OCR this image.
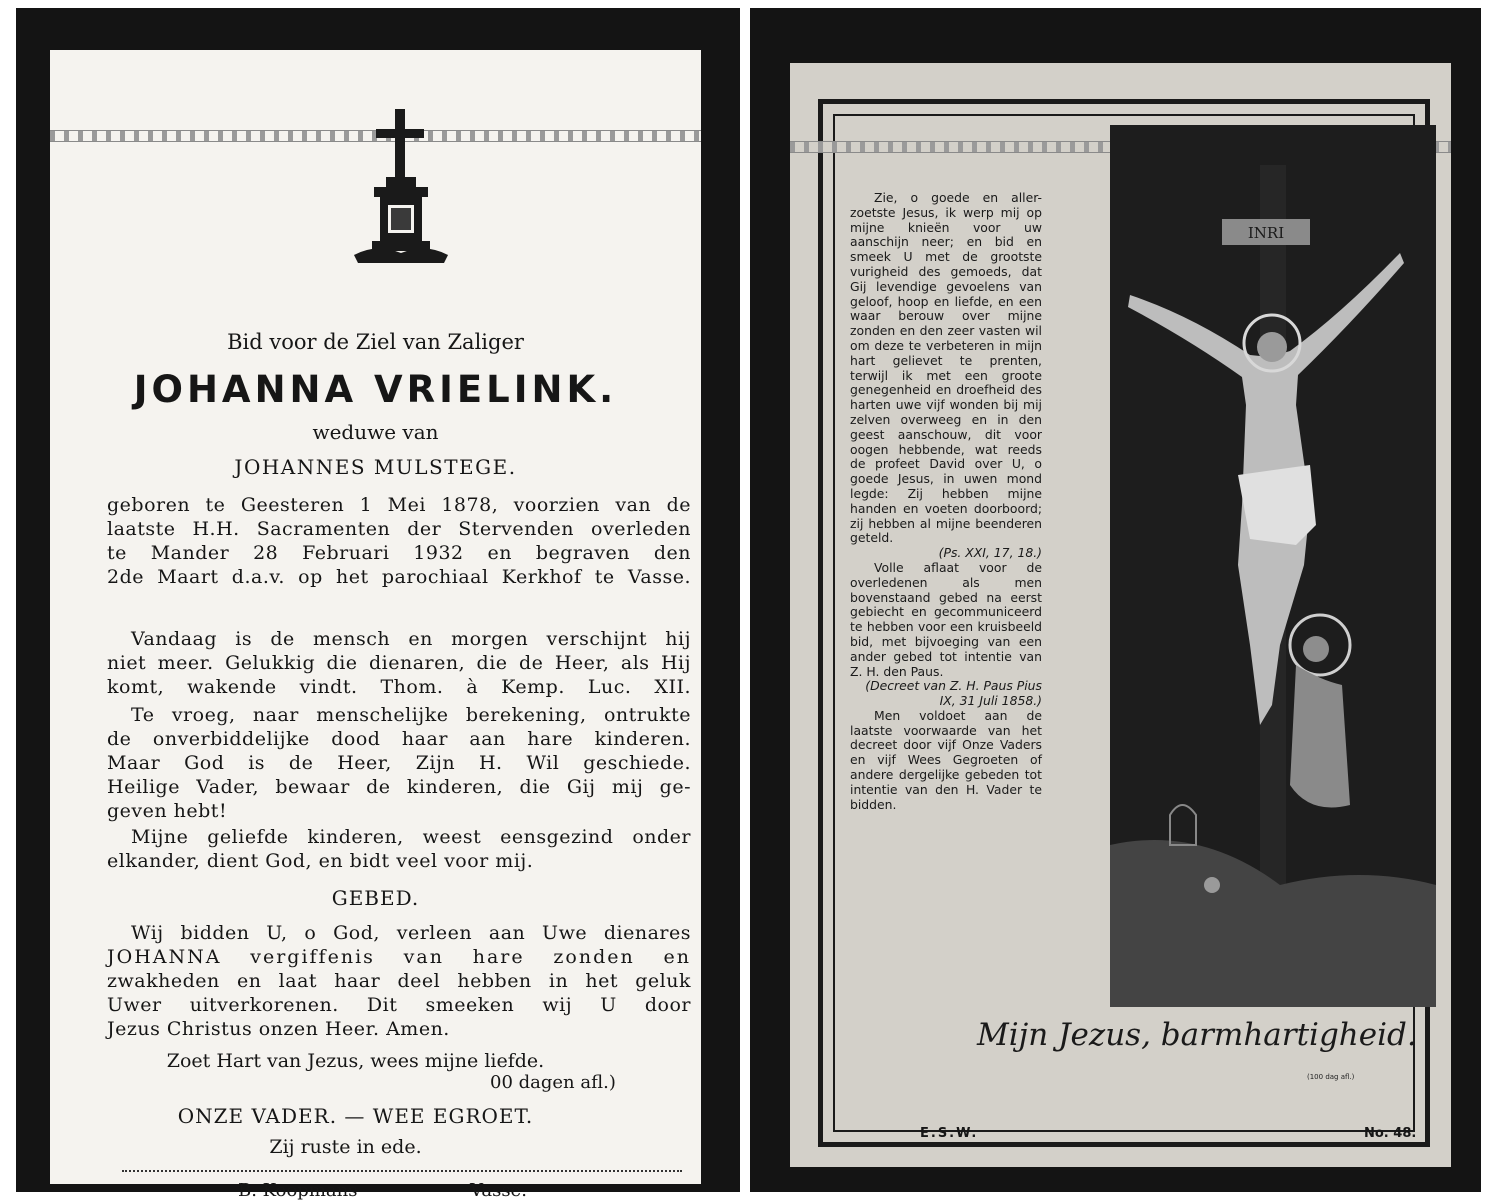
Bid voor de Ziel van Zaliger
JOHANNA VRIELINK.
weduwe van
JOHANNES MULSTEGE.
geboren te Geesteren 1 Mei 1878, voorzien van de
laatste H.H. Sacramenten der Stervenden overleden
te Mander 28 Februari 1932 en begraven den
2de Maart d.a.v. op het parochiaal Kerkhof te Vasse.
Vandaag is de mensch en morgen verschijnt hij
niet meer. Gelukkig die dienaren, die de Heer, als Hij
komt, wakende vindt. Thom. à Kemp. Luc. XII.
Te vroeg, naar menschelijke berekening, ontrukte
de onverbiddelijke dood haar aan hare kinderen.
Maar God is de Heer, Zijn H. Wil geschiede.
Heilige Vader, bewaar de kinderen, die Gij mij ge-
geven hebt!
Mijne geliefde kinderen, weest eensgezind onder
elkander, dient God, en bidt veel voor mij.
GEBED.
Wij bidden U, o God, verleen aan Uwe dienares
JOHANNA vergiffenis van hare zonden en
zwakheden en laat haar deel hebben in het geluk
Uwer uitverkorenen. Dit smeeken wij U door
Jezus Christus onzen Heer. Amen.
Zoet Hart van Jezus, wees mijne liefde.
00 dagen afl.)
ONZE VADER. — WEE EGROET.
Zij ruste in ede.
B. Koopmans	Vasse.

Zie, o goede en aller-zoetste Jesus, ik werp mij op mijne knieën voor uw aanschijn neer; en bid en smeek U met de grootste vurigheid des gemoeds, dat Gij levendige gevoelens van geloof, hoop en liefde, en een waar berouw over mijne zonden en den zeer vasten wil om deze te verbeteren in mijn hart gelievet te prenten, terwijl ik met een groote genegenheid en droefheid des harten uwe vijf wonden bij mij zelven overweeg en in den geest aanschouw, dit voor oogen hebbende, wat reeds de profeet David over U, o goede Jesus, in uwen mond legde: Zij hebben mijne handen en voeten doorboord; zij hebben al mijne beenderen geteld.

(Ps. XXI, 17, 18.)

Volle aflaat voor de overledenen als men bovenstaand gebed na eerst gebiecht en gecommuniceerd te hebben voor een kruisbeeld bid, met bijvoeging van een ander gebed tot intentie van Z. H. den Paus.

(Decreet van Z. H. Paus Pius IX, 31 Juli 1858.)

Men voldoet aan de laatste voorwaarde van het decreet door vijf Onze Vaders en vijf Wees Gegroeten of andere dergelijke gebeden tot intentie van den H. Vader te bidden.

INRI
Mijn Jezus, barmhartigheid.
(100 dag afl.)
E.S.W.	No. 48.
